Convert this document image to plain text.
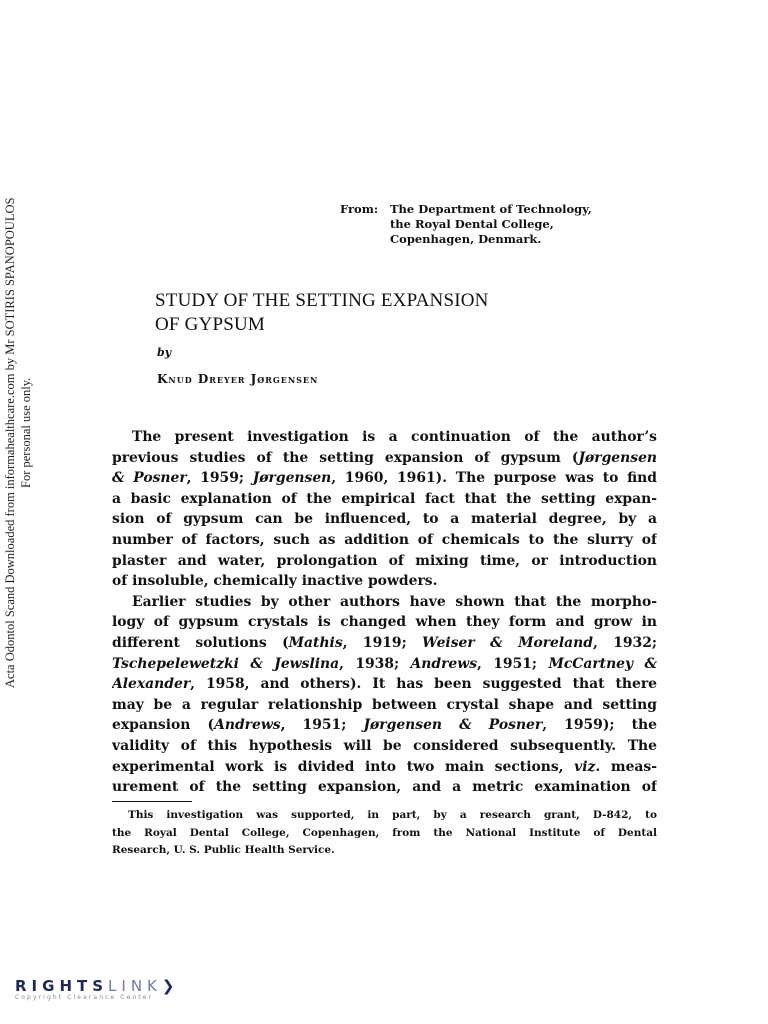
Acta Odontol Scand Downloaded from informahealthcare.com by Mr SOTIRIS SPANOPOULOS For personal use only.
From: The Department of Technology,
the Royal Dental College,
Copenhagen, Denmark.
STUDY OF THE SETTING EXPANSION
OF GYPSUM
by
Knud Dreyer Jørgensen
The present investigation is a continuation of the author’s
previous studies of the setting expansion of gypsum (Jørgensen
& Posner, 1959; Jørgensen, 1960, 1961). The purpose was to find
a basic explanation of the empirical fact that the setting expan-
sion of gypsum can be influenced, to a material degree, by a
number of factors, such as addition of chemicals to the slurry of
plaster and water, prolongation of mixing time, or introduction
of insoluble, chemically inactive powders.
Earlier studies by other authors have shown that the morpho-
logy of gypsum crystals is changed when they form and grow in
different solutions (Mathis, 1919; Weiser & Moreland, 1932;
Tschepelewetzki & Jewslina, 1938; Andrews, 1951; McCartney &
Alexander, 1958, and others). It has been suggested that there
may be a regular relationship between crystal shape and setting
expansion (Andrews, 1951; Jørgensen & Posner, 1959); the
validity of this hypothesis will be considered subsequently. The
experimental work is divided into two main sections, viz. meas-
urement of the setting expansion, and a metric examination of
This investigation was supported, in part, by a research grant, D-842, to
the Royal Dental College, Copenhagen, from the National Institute of Dental
Research, U. S. Public Health Service.
RIGHTSLINK❯
Copyright Clearance Center
